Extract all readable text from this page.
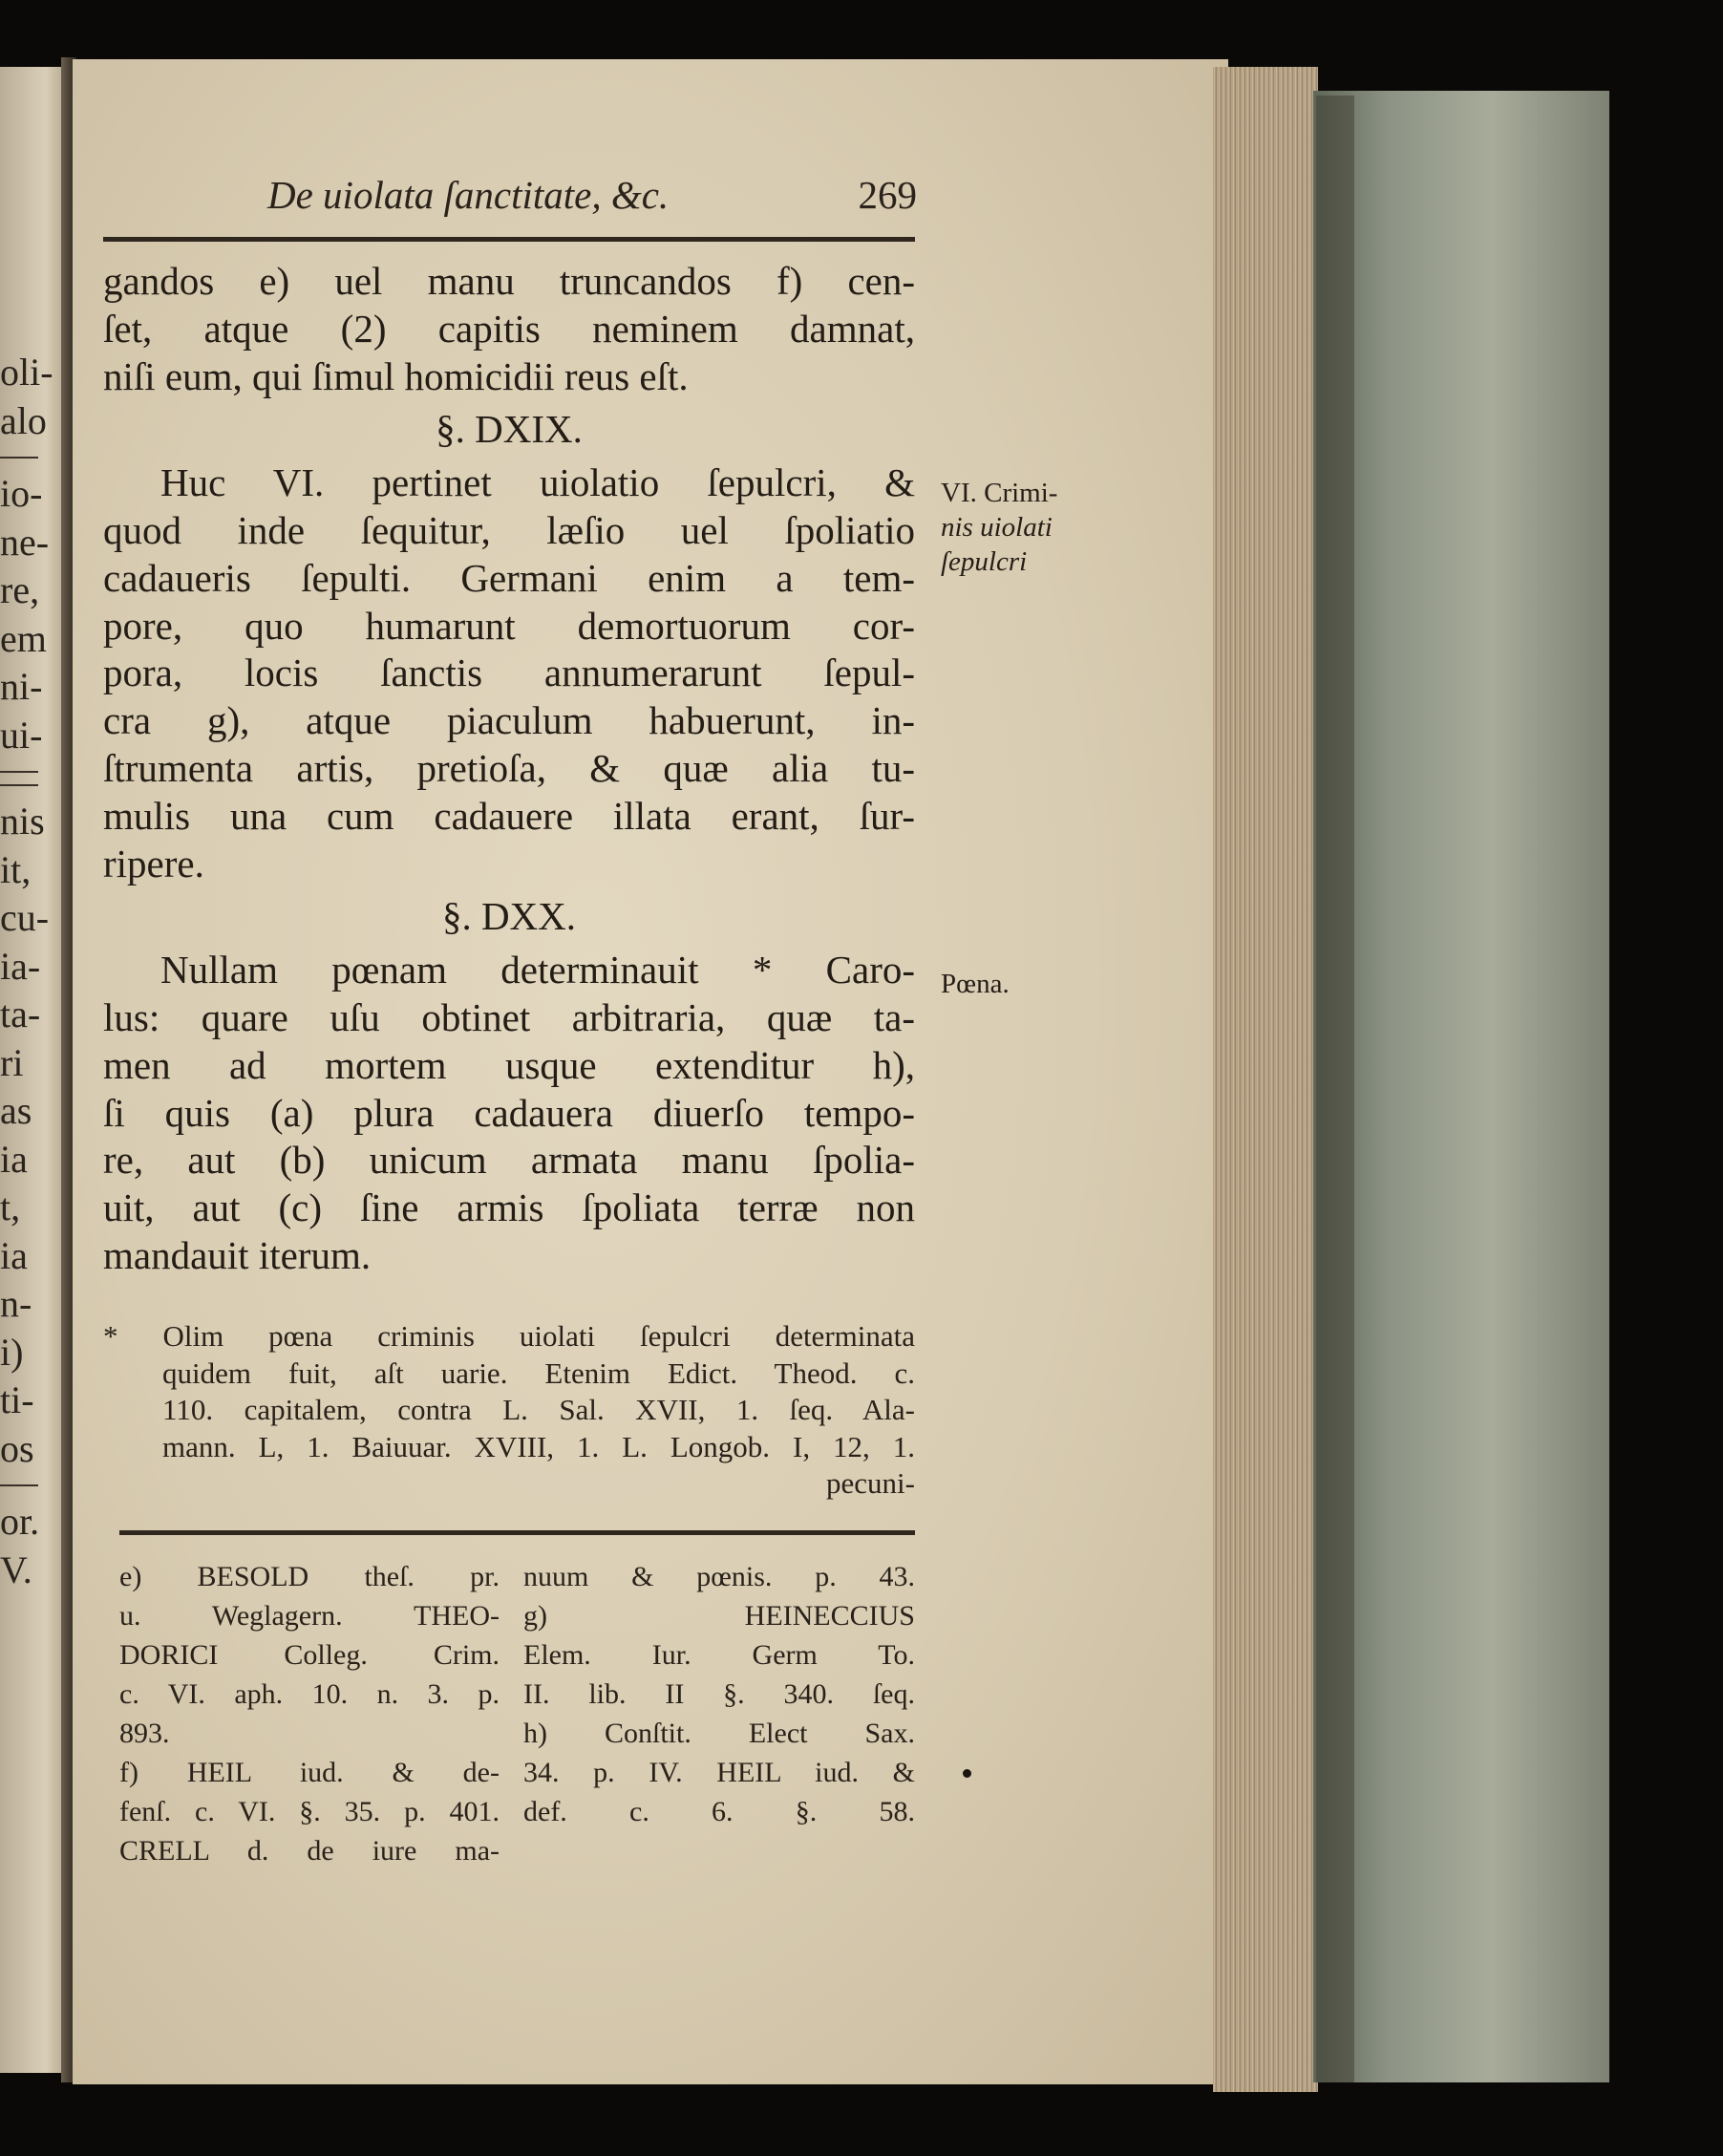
oli-
alo
io-
ne-
re,
em
ni-
ui-
nis
it,
cu-
ia-
ta-
ri
as
ia
t,
ia
n-
i)
ti-
os
or.
V.
De uiolata ſanctitate, &c.	269
gandos e) uel manu truncandos f) cen-
ſet, atque (2) capitis neminem damnat,
niſi eum, qui ſimul homicidii reus eſt.
§. DXIX.
Huc VI. pertinet uiolatio ſepulcri, &
quod inde ſequitur, læſio uel ſpoliatio
cadaueris ſepulti. Germani enim a tem-
pore, quo humarunt demortuorum cor-
pora, locis ſanctis annumerarunt ſepul-
cra g), atque piaculum habuerunt, in-
ſtrumenta artis, pretioſa, & quæ alia tu-
mulis una cum cadauere illata erant, ſur-
ripere.
§. DXX.
Nullam pœnam determinauit * Caro-
lus: quare uſu obtinet arbitraria, quæ ta-
men ad mortem usque extenditur h),
ſi quis (a) plura cadauera diuerſo tempo-
re, aut (b) unicum armata manu ſpolia-
uit, aut (c) ſine armis ſpoliata terræ non
mandauit iterum.
VI. Crimi-
nis uiolati
ſepulcri
Pœna.
* Olim pœna criminis uiolati ſepulcri determinata
quidem fuit, aſt uarie. Etenim Edict. Theod. c.
110. capitalem, contra L. Sal. XVII, 1. ſeq. Ala-
mann. L, 1. Baiuuar. XVIII, 1. L. Longob. I, 12, 1.
pecuni-
e) BESOLD theſ. pr.
u. Weglagern. THEO-
DORICI Colleg. Crim.
c. VI. aph. 10. n. 3. p.
893.
f) HEIL iud. & de-
fenſ. c. VI. §. 35. p. 401.
CRELL d. de iure ma-
nuum & pœnis. p. 43.
g) HEINECCIUS
Elem. Iur. Germ To.
II. lib. II §. 340. ſeq.
h) Conſtit. Elect Sax.
34. p. IV. HEIL iud. &
def. c. 6. §. 58.
